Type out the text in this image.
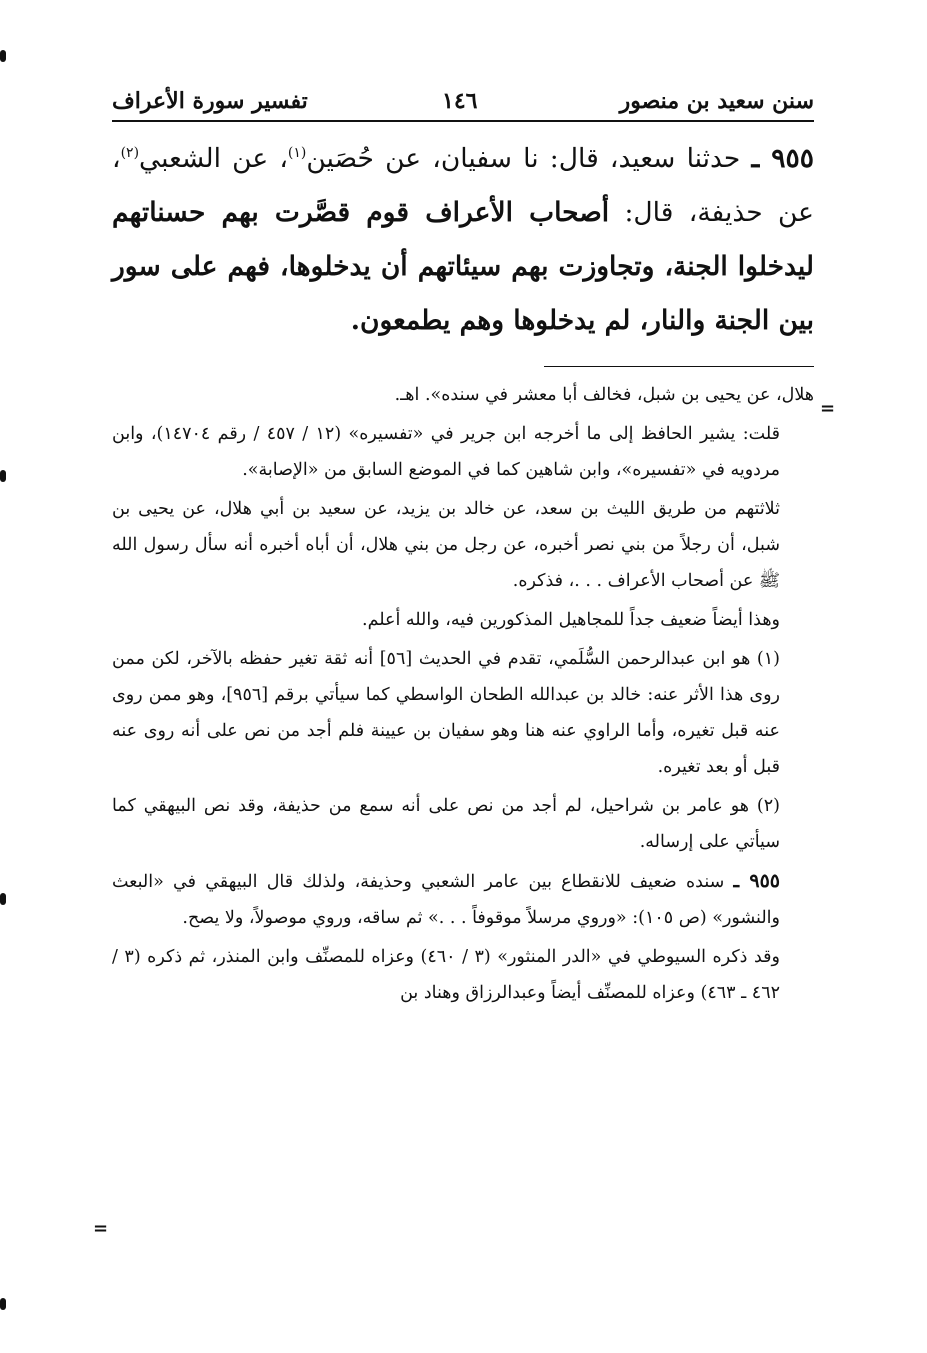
سنن سعيد بن منصور
١٤٦
تفسير سورة الأعراف
٩٥٥ ـ حدثنا سعيد، قال: نا سفيان، عن حُصَين$^{(١)}$، عن الشعبي$^{(٢)}$، عن حذيفة، قال: أصحاب الأعراف قوم قصَّرت بهم حسناتهم ليدخلوا الجنة، وتجاوزت بهم سيئاتهم أن يدخلوها، فهم على سور بين الجنة والنار، لم يدخلوها وهم يطمعون.

هلال، عن يحيى بن شبل، فخالف أبا معشر في سنده». اهـ.

قلت: يشير الحافظ إلى ما أخرجه ابن جرير في «تفسيره» (١٢ / ٤٥٧ / رقم ١٤٧٠٤)، وابن مردويه في «تفسيره»، وابن شاهين كما في الموضع السابق من «الإصابة».

ثلاثتهم من طريق الليث بن سعد، عن خالد بن يزيد، عن سعيد بن أبي هلال، عن يحيى بن شبل، أن رجلاً من بني نصر أخبره، عن رجل من بني هلال، أن أباه أخبره أنه سأل رسول الله ﷺ عن أصحاب الأعراف . . .، فذكره.

وهذا أيضاً ضعيف جداً للمجاهيل المذكورين فيه، والله أعلم.

(١) هو ابن عبدالرحمن السُّلَمي، تقدم في الحديث [٥٦] أنه ثقة تغير حفظه بالآخر، لكن ممن روى هذا الأثر عنه: خالد بن عبدالله الطحان الواسطي كما سيأتي برقم [٩٥٦]، وهو ممن روى عنه قبل تغيره، وأما الراوي عنه هنا وهو سفيان بن عيينة فلم أجد من نص على أنه روى عنه قبل أو بعد تغيره.

(٢) هو عامر بن شراحيل، لم أجد من نص على أنه سمع من حذيفة، وقد نص البيهقي كما سيأتي على إرساله.

٩٥٥ ـ سنده ضعيف للانقطاع بين عامر الشعبي وحذيفة، ولذلك قال البيهقي في «البعث والنشور» (ص ١٠٥): «وروي مرسلاً موقوفاً . . .» ثم ساقه، وروي موصولاً، ولا يصح.

وقد ذكره السيوطي في «الدر المنثور» (٣ / ٤٦٠) وعزاه للمصنِّف وابن المنذر، ثم ذكره (٣ / ٤٦٢ ـ ٤٦٣) وعزاه للمصنِّف أيضاً وعبدالرزاق وهناد بن

=
=
